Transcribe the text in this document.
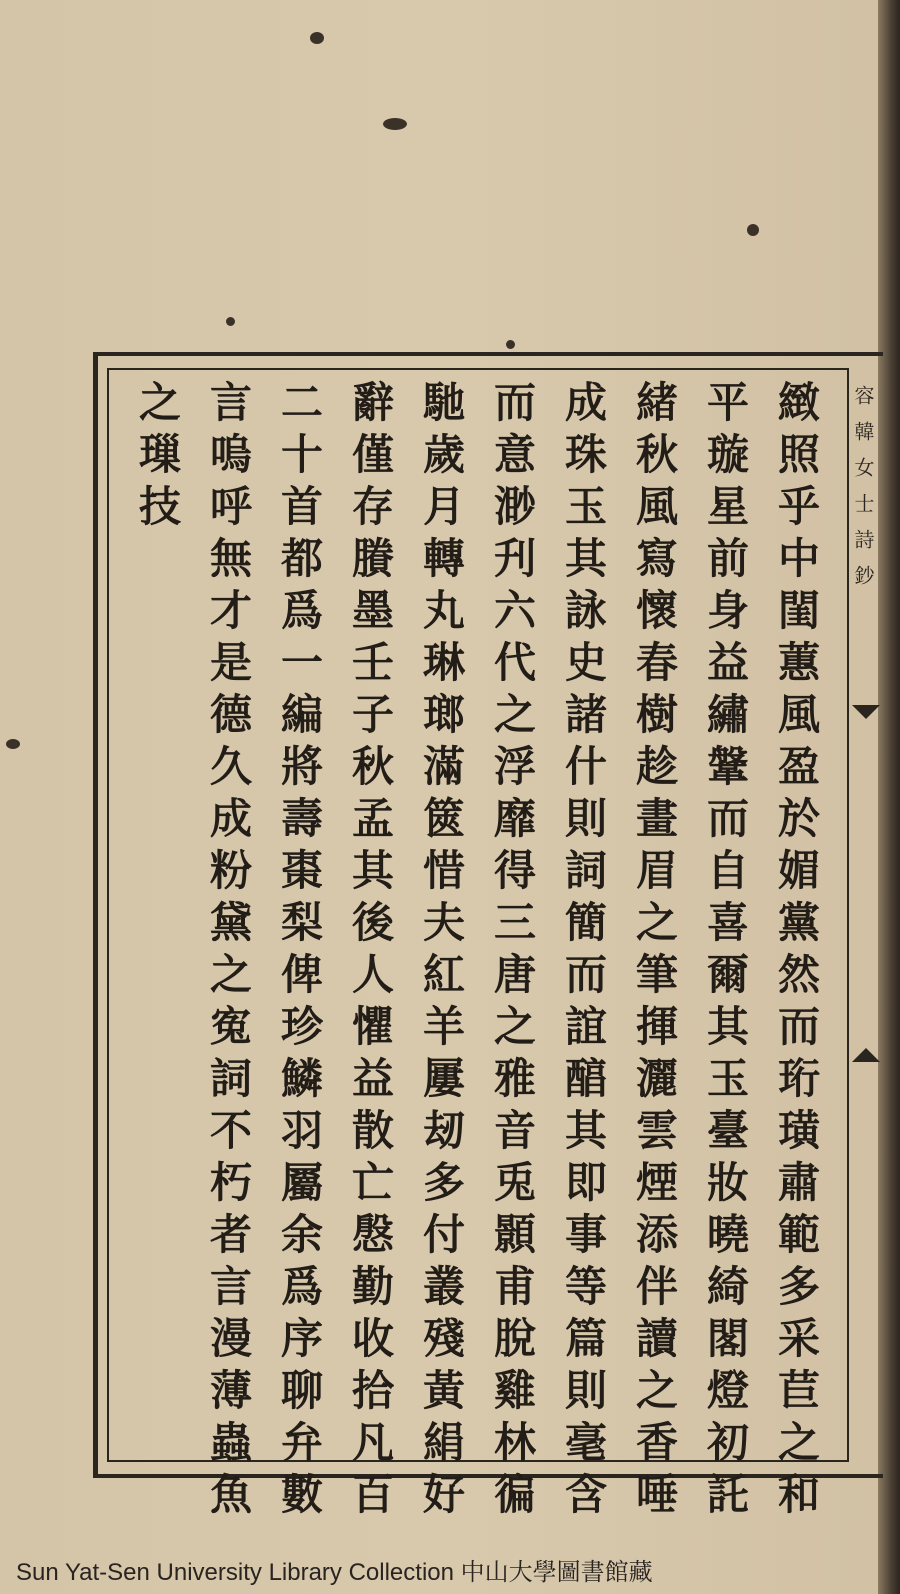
容韓女士詩鈔
緻照乎中閨蕙風盈於媚黨然而珩璜肅範多采苣之和
平璇星前身益繡鞶而自喜爾其玉臺妝曉綺閣燈初託
緒秋風寫懷春樹趁畫眉之筆揮灑雲煙添伴讀之香唾
成珠玉其詠史諸什則詞簡而誼醕其即事等篇則毫含
而意渺刋六代之浮靡得三唐之雅音兎顥甫脫雞林徧
馳歲月轉丸琳瑯滿篋惜夫紅羊屢刼多付叢殘黃絹好
辭僅存賸墨壬子秋孟其後人懼益散亡慇勤收拾凡百
二十首都爲一編將壽棗梨俾珍鱗羽屬余爲序聊弁數
言嗚呼無才是德久成粉黛之寃詞不朽者言漫薄蟲魚
之璅技
Sun Yat-Sen University Library Collection 中山大學圖書館藏
